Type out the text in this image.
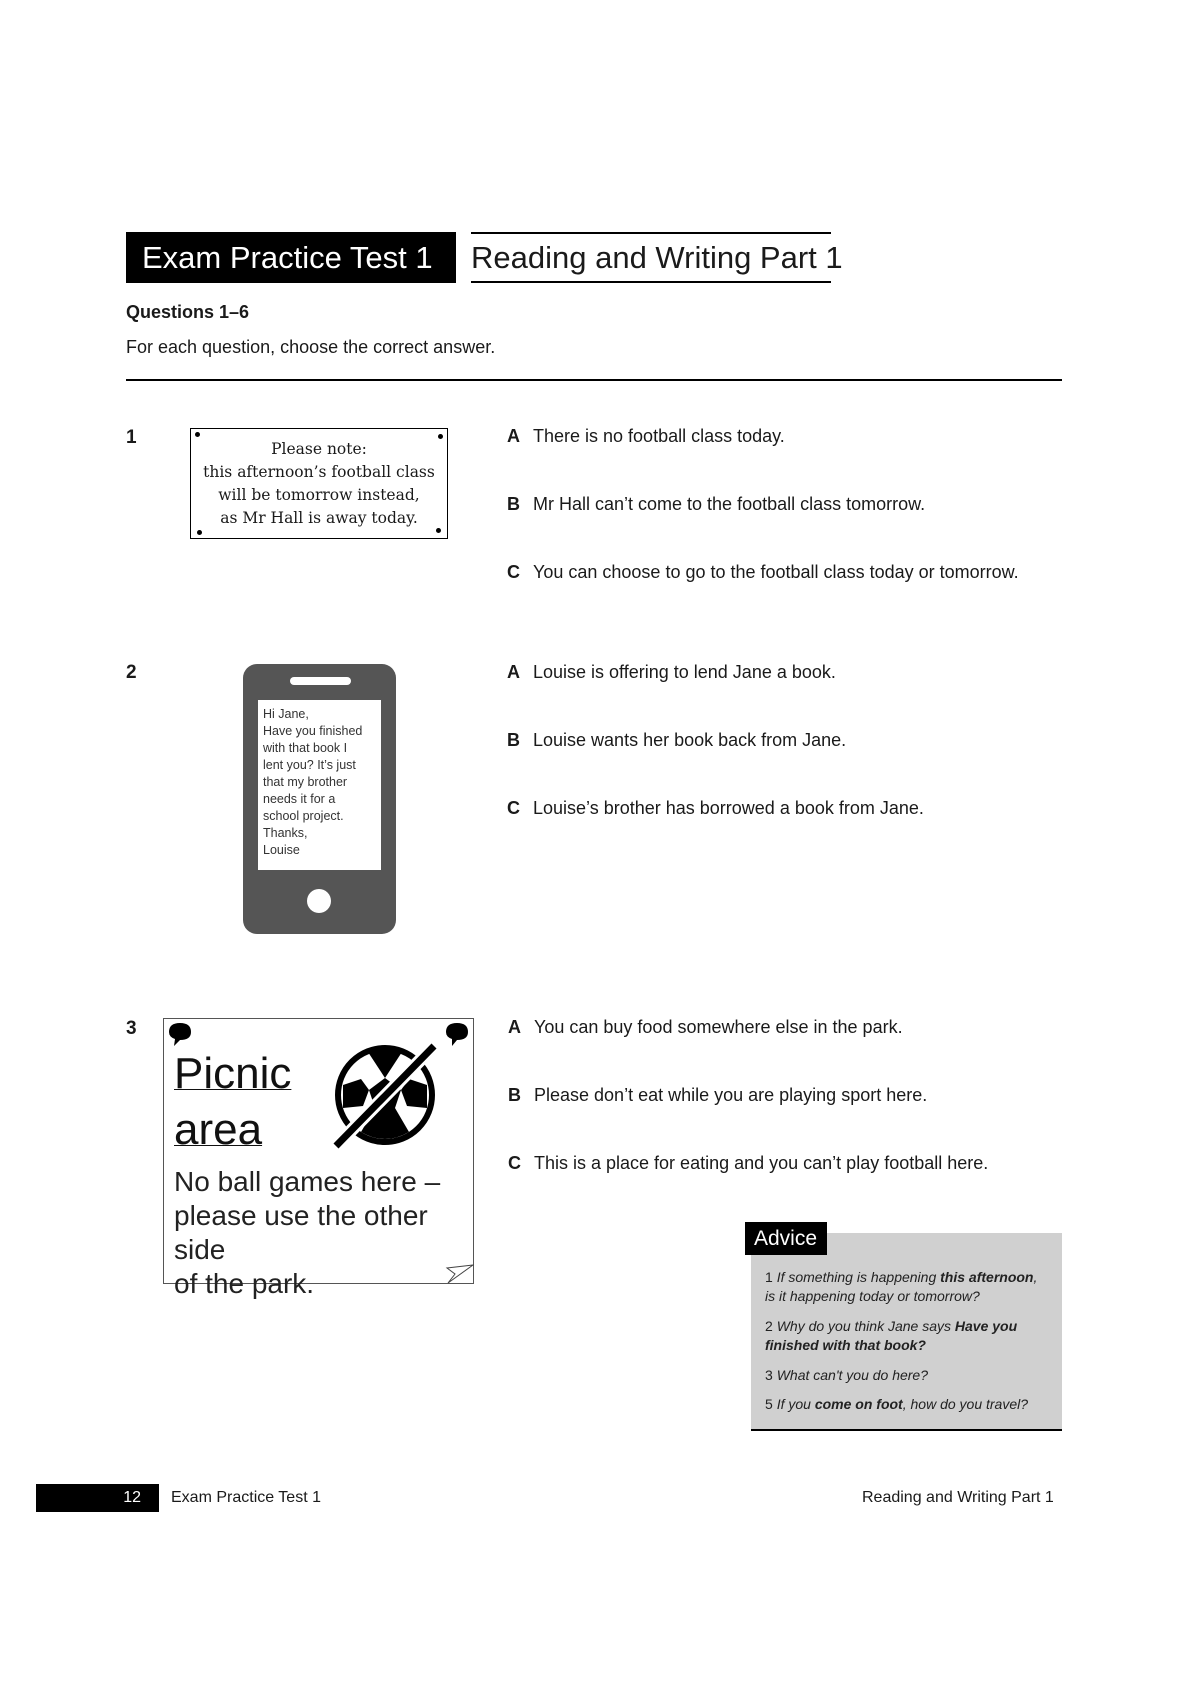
Exam Practice Test 1	Reading and Writing Part 1
Questions 1–6
For each question, choose the correct answer.
1
Please note:
this afternoon’s football class
will be tomorrow instead,
as Mr Hall is away today.
A There is no football class today.
B Mr Hall can’t come to the football class tomorrow.
C You can choose to go to the football class today or tomorrow.
2
Hi Jane,
Have you finished
with that book I
lent you? It’s just
that my brother
needs it for a
school project.
Thanks,
Louise
A Louise is offering to lend Jane a book.
B Louise wants her book back from Jane.
C Louise’s brother has borrowed a book from Jane.
3
Picnic
area
No ball games here –
please use the other side
of the park.
A You can buy food somewhere else in the park.
B Please don’t eat while you are playing sport here.
C This is a place for eating and you can’t play football here.
Advice
1 If something is happening this afternoon,
is it happening today or tomorrow?
2 Why do you think Jane says Have you
finished with that book?
3 What can't you do here?
5 If you come on foot, how do you travel?
12	Exam Practice Test 1	Reading and Writing Part 1
